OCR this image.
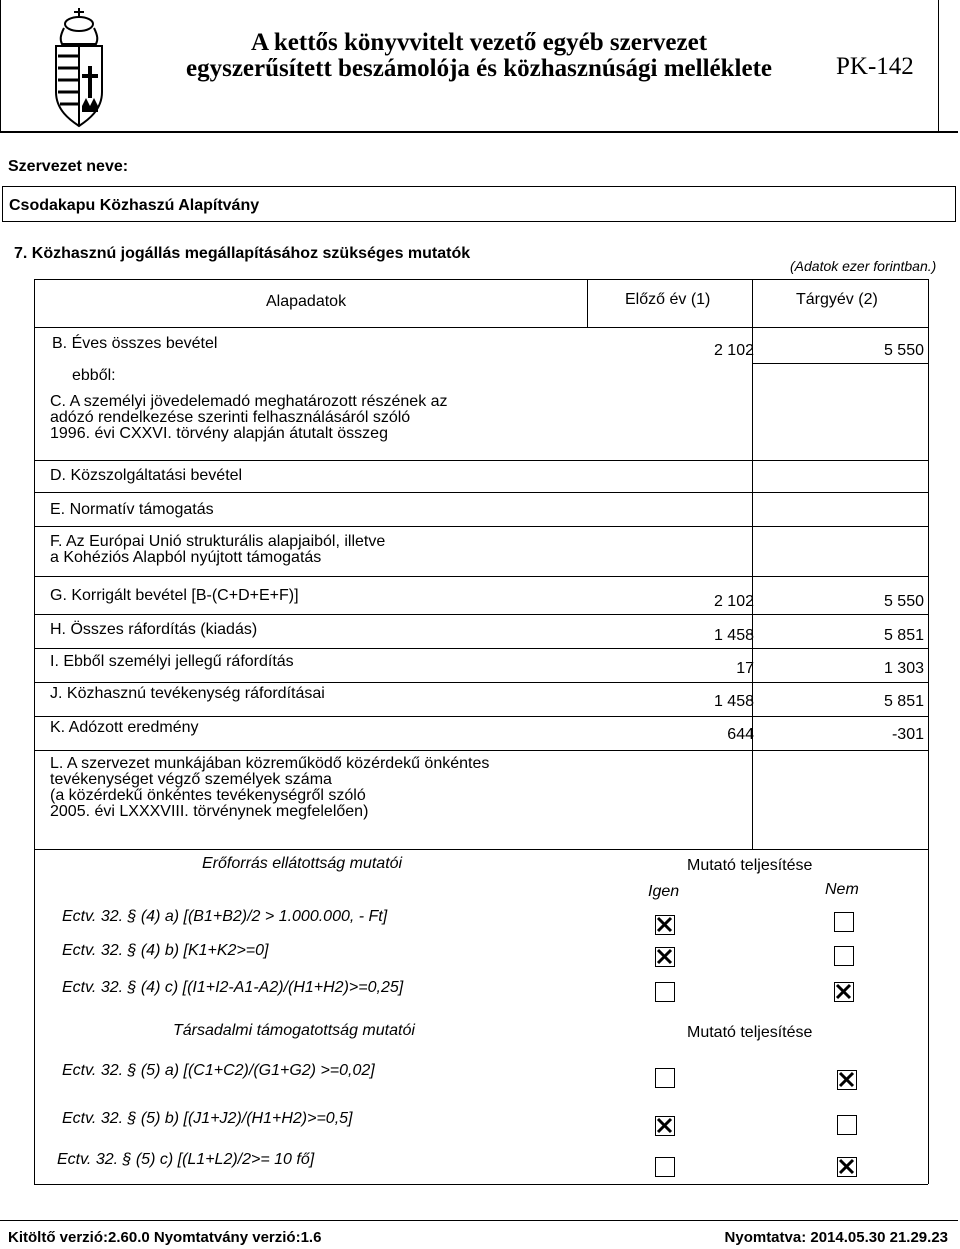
A kettős könyvvitelt vezető egyéb szervezet
egyszerűsített beszámolója és közhasznúsági melléklete	PK-142
Szervezet neve:
Csodakapu Közhaszú Alapítvány
7. Közhasznú jogállás megállapításához szükséges mutatók
(Adatok ezer forintban.)
Alapadatok	Előző év (1)	Tárgyév (2)
B. Éves összes bevétel	2 102	5 550
ebből:
C. A személyi jövedelemadó meghatározott részének az
adózó rendelkezése szerinti felhasználásáról szóló
1996. évi CXXVI. törvény alapján átutalt összeg
D. Közszolgáltatási bevétel
E. Normatív támogatás
F. Az Európai Unió strukturális alapjaiból, illetve
a Kohéziós Alapból nyújtott támogatás
G. Korrigált bevétel [B-(C+D+E+F)]	2 102	5 550
H. Összes ráfordítás (kiadás)	1 458	5 851
I. Ebből személyi jellegű ráfordítás	17	1 303
J. Közhasznú tevékenység ráfordításai	1 458	5 851
K. Adózott eredmény	644	-301
L. A szervezet munkájában közreműködő közérdekű önkéntes
tevékenységet végző személyek száma
(a közérdekű önkéntes tevékenységről szóló
2005. évi LXXXVIII. törvénynek megfelelően)
Erőforrás ellátottság mutatói	Mutató teljesítése
Igen	Nem
Ectv. 32. § (4) a) [(B1+B2)/2 > 1.000.000, - Ft]
Ectv. 32. § (4) b) [K1+K2>=0]
Ectv. 32. § (4) c) [(I1+I2-A1-A2)/(H1+H2)>=0,25]
Társadalmi támogatottság mutatói	Mutató teljesítése
Ectv. 32. § (5) a) [(C1+C2)/(G1+G2) >=0,02]
Ectv. 32. § (5) b) [(J1+J2)/(H1+H2)>=0,5]
Ectv. 32. § (5) c) [(L1+L2)/2>= 10 fő]
Kitöltő verzió:2.60.0 Nyomtatvány verzió:1.6	Nyomtatva: 2014.05.30 21.29.23
